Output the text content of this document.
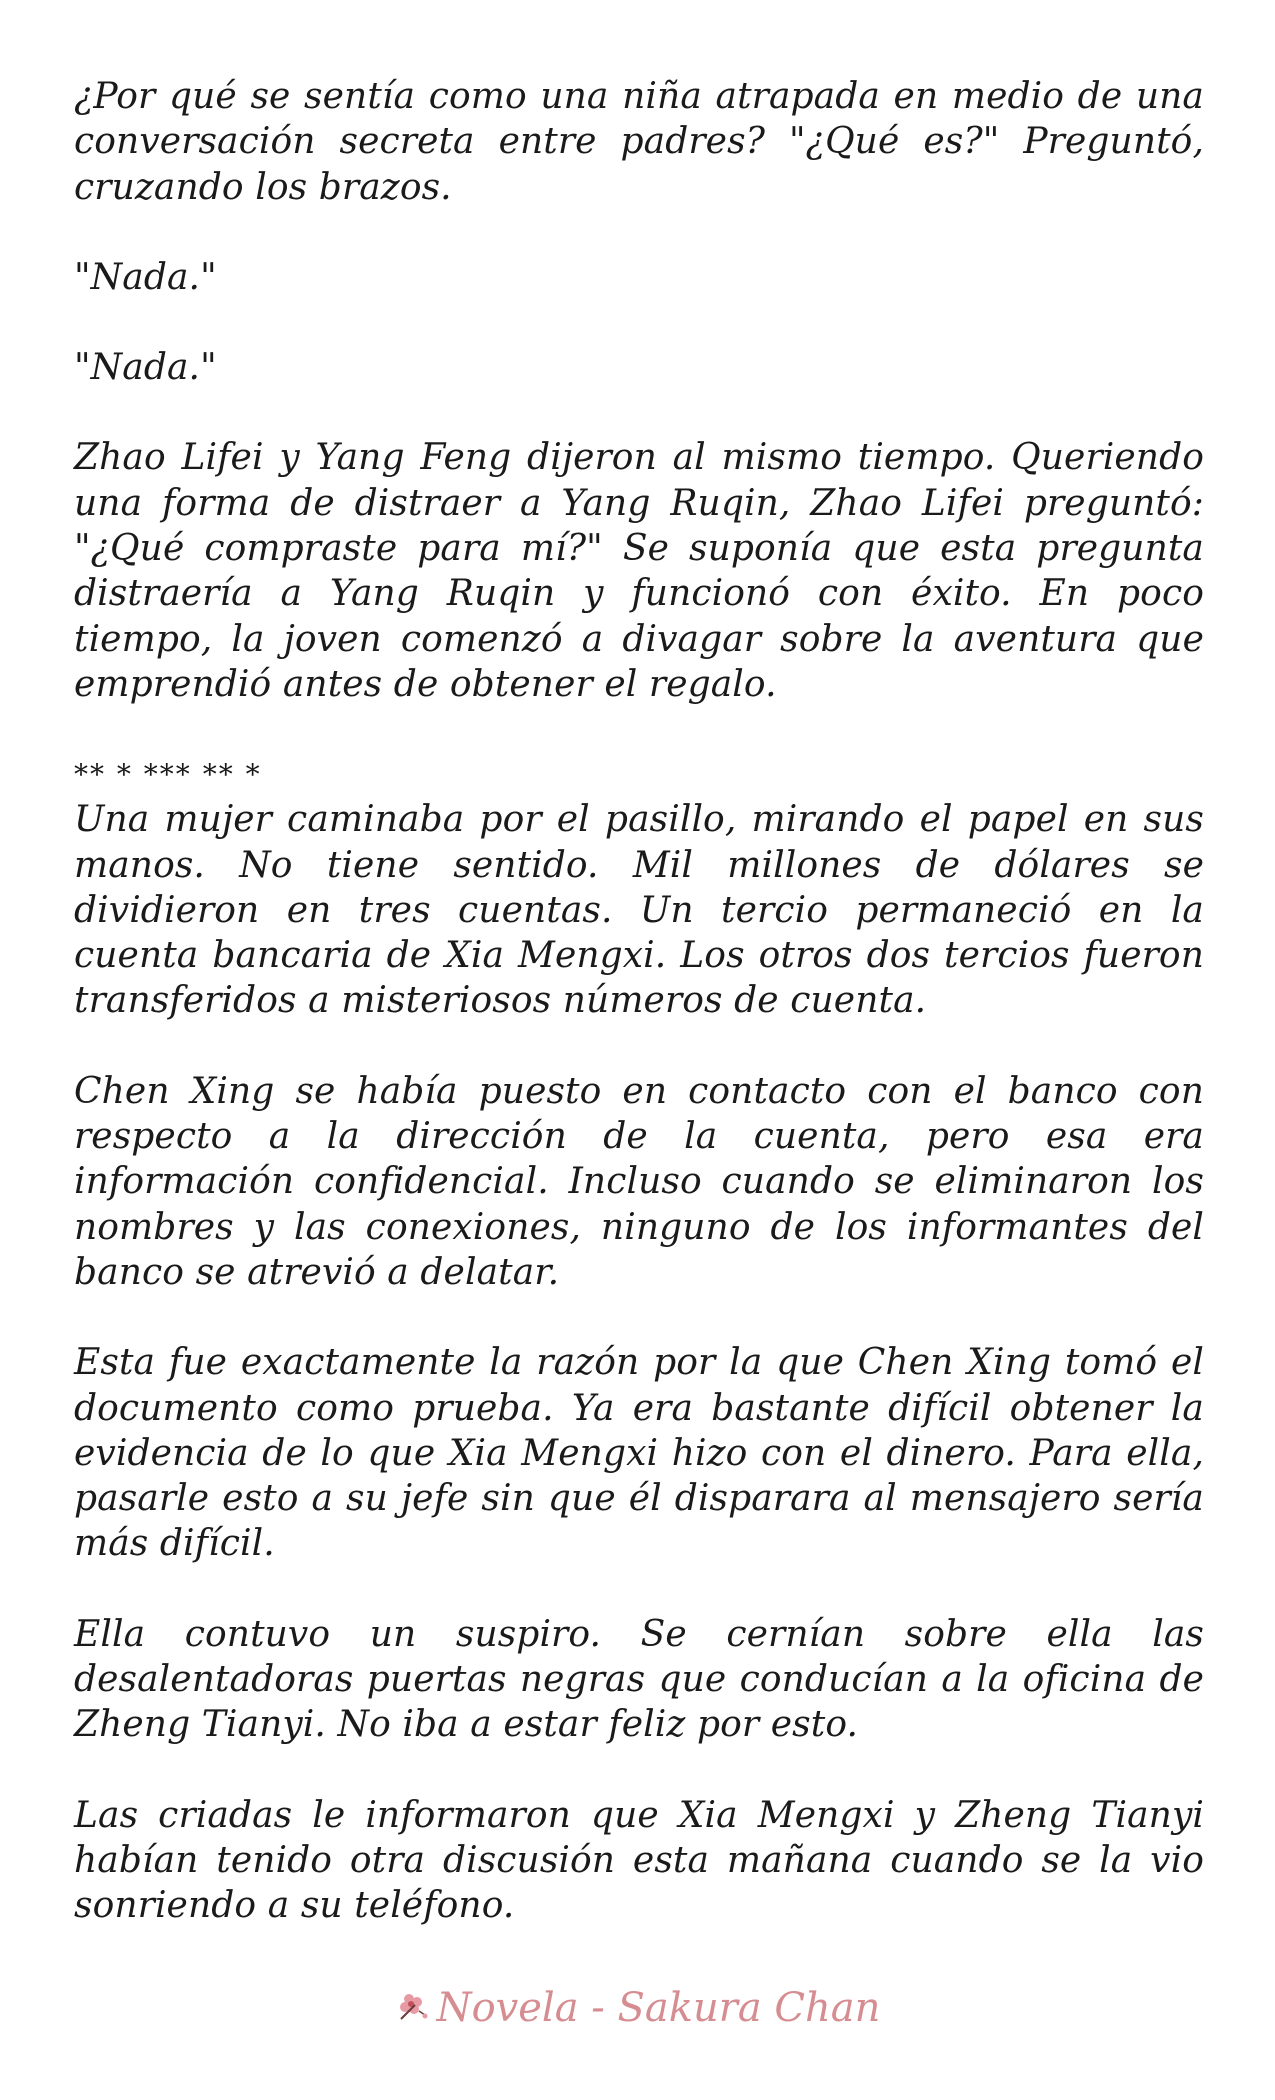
¿Por qué se sentía como una niña atrapada en medio de una conversación secreta entre padres? "¿Qué es?" Preguntó, cruzando los brazos.

"Nada."

"Nada."

Zhao Lifei y Yang Feng dijeron al mismo tiempo. Queriendo una forma de distraer a Yang Ruqin, Zhao Lifei preguntó: "¿Qué compraste para mí?" Se suponía que esta pregunta distraería a Yang Ruqin y funcionó con éxito. En poco tiempo, la joven comenzó a divagar sobre la aventura que emprendió antes de obtener el regalo.

** * *** ** *

Una mujer caminaba por el pasillo, mirando el papel en sus manos. No tiene sentido. Mil millones de dólares se dividieron en tres cuentas. Un tercio permaneció en la cuenta bancaria de Xia Mengxi. Los otros dos tercios fueron transferidos a misteriosos números de cuenta.

Chen Xing se había puesto en contacto con el banco con respecto a la dirección de la cuenta, pero esa era información confidencial. Incluso cuando se eliminaron los nombres y las conexiones, ninguno de los informantes del banco se atrevió a delatar.

Esta fue exactamente la razón por la que Chen Xing tomó el documento como prueba. Ya era bastante difícil obtener la evidencia de lo que Xia Mengxi hizo con el dinero. Para ella, pasarle esto a su jefe sin que él disparara al mensajero sería más difícil.

Ella contuvo un suspiro. Se cernían sobre ella las desalentadoras puertas negras que conducían a la oficina de Zheng Tianyi. No iba a estar feliz por esto.

Las criadas le informaron que Xia Mengxi y Zheng Tianyi habían tenido otra discusión esta mañana cuando se la vio sonriendo a su teléfono.

Novela - Sakura Chan
